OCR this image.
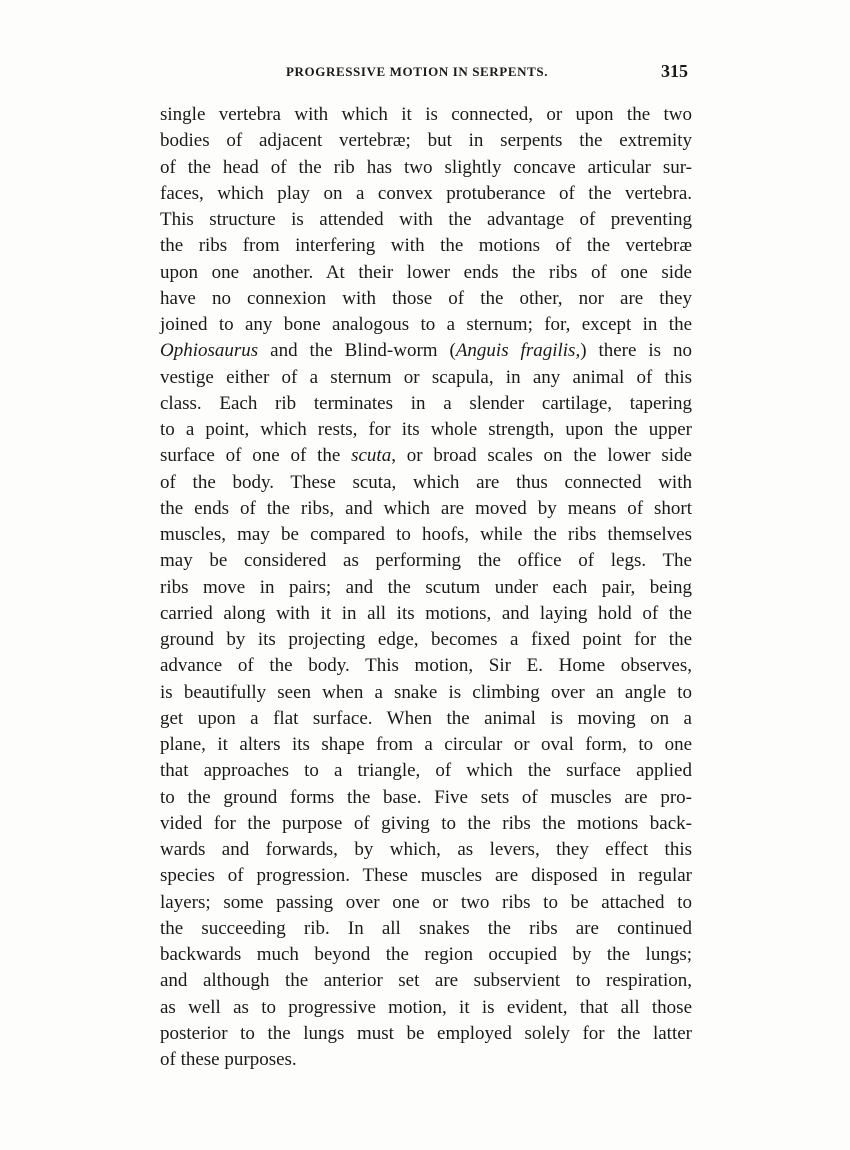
PROGRESSIVE MOTION IN SERPENTS.	315
single vertebra with which it is connected, or upon the two
bodies of adjacent vertebræ; but in serpents the extremity
of the head of the rib has two slightly concave articular sur-
faces, which play on a convex protuberance of the vertebra.
This structure is attended with the advantage of preventing
the ribs from interfering with the motions of the vertebræ
upon one another. At their lower ends the ribs of one side
have no connexion with those of the other, nor are they
joined to any bone analogous to a sternum; for, except in the
Ophiosaurus and the Blind-worm (Anguis fragilis,) there is no
vestige either of a sternum or scapula, in any animal of this
class. Each rib terminates in a slender cartilage, tapering
to a point, which rests, for its whole strength, upon the upper
surface of one of the scuta, or broad scales on the lower side
of the body. These scuta, which are thus connected with
the ends of the ribs, and which are moved by means of short
muscles, may be compared to hoofs, while the ribs themselves
may be considered as performing the office of legs. The
ribs move in pairs; and the scutum under each pair, being
carried along with it in all its motions, and laying hold of the
ground by its projecting edge, becomes a fixed point for the
advance of the body. This motion, Sir E. Home observes,
is beautifully seen when a snake is climbing over an angle to
get upon a flat surface. When the animal is moving on a
plane, it alters its shape from a circular or oval form, to one
that approaches to a triangle, of which the surface applied
to the ground forms the base. Five sets of muscles are pro-
vided for the purpose of giving to the ribs the motions back-
wards and forwards, by which, as levers, they effect this
species of progression. These muscles are disposed in regular
layers; some passing over one or two ribs to be attached to
the succeeding rib. In all snakes the ribs are continued
backwards much beyond the region occupied by the lungs;
and although the anterior set are subservient to respiration,
as well as to progressive motion, it is evident, that all those
posterior to the lungs must be employed solely for the latter
of these purposes.
